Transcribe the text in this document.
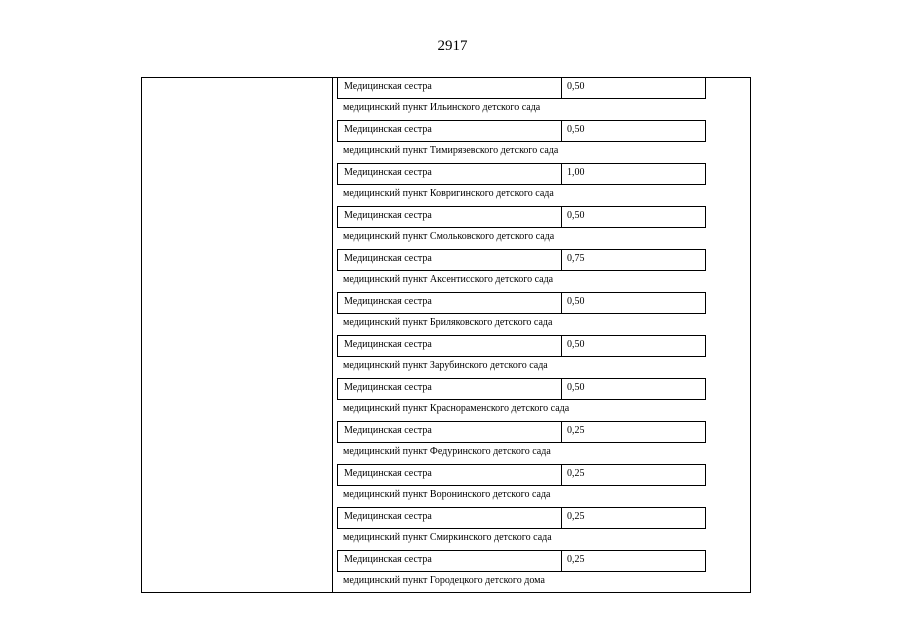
2917
Медицинская сестра	0,50
медицинский пункт Ильинского детского сада
Медицинская сестра	0,50
медицинский пункт Тимирязевского детского сада
Медицинская сестра	1,00
медицинский пункт Ковригинского детского сада
Медицинская сестра	0,50
медицинский пункт Смольковского детского сада
Медицинская сестра	0,75
медицинский пункт Аксентисского детского сада
Медицинская сестра	0,50
медицинский пункт Бриляковского детского сада
Медицинская сестра	0,50
медицинский пункт Зарубинского детского сада
Медицинская сестра	0,50
медицинский пункт Краснораменского детского сада
Медицинская сестра	0,25
медицинский пункт Федуринского детского сада
Медицинская сестра	0,25
медицинский пункт Воронинского детского сада
Медицинская сестра	0,25
медицинский пункт Смиркинского детского сада
Медицинская сестра	0,25
медицинский пункт Городецкого детского дома
